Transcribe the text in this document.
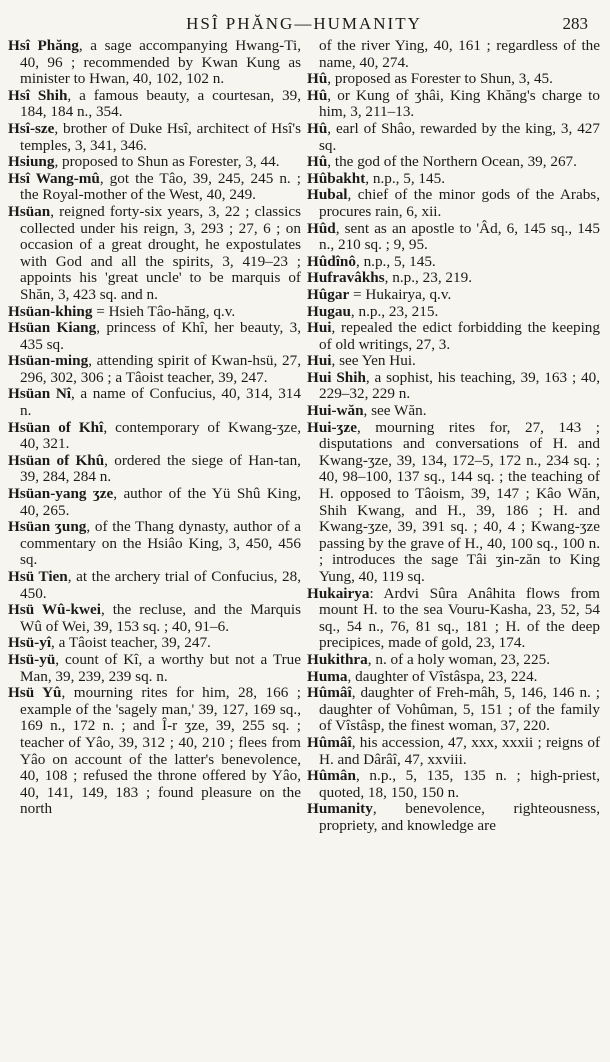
HSÎ PHĂNG—HUMANITY	283

Hsî Phăng, a sage accompanying Hwang-Ti, 40, 96 ; recommended by Kwan Kung as minister to Hwan, 40, 102, 102 n.

Hsî Shih, a famous beauty, a courtesan, 39, 184, 184 n., 354.

Hsî-sze, brother of Duke Hsî, architect of Hsî's temples, 3, 341, 346.

Hsiung, proposed to Shun as Forester, 3, 44.

Hsî Wang-mû, got the Tâo, 39, 245, 245 n. ; the Royal-mother of the West, 40, 249.

Hsüan, reigned forty-six years, 3, 22 ; classics collected under his reign, 3, 293 ; 27, 6 ; on occasion of a great drought, he expostulates with God and all the spirits, 3, 419–23 ; appoints his 'great uncle' to be marquis of Shăn, 3, 423 sq. and n.

Hsüan-khing = Hsieh Tâo-hăng, q.v.

Hsüan Kiang, princess of Khî, her beauty, 3, 435 sq.

Hsüan-ming, attending spirit of Kwan-hsü, 27, 296, 302, 306 ; a Tâoist teacher, 39, 247.

Hsüan Nî, a name of Confucius, 40, 314, 314 n.

Hsüan of Khî, contemporary of Kwang-ʒze, 40, 321.

Hsüan of Khû, ordered the siege of Han-tan, 39, 284, 284 n.

Hsüan-yang ʒze, author of the Yü Shû King, 40, 265.

Hsüan ʒung, of the Thang dynasty, author of a commentary on the Hsiâo King, 3, 450, 456 sq.

Hsü Tien, at the archery trial of Confucius, 28, 450.

Hsü Wû-kwei, the recluse, and the Marquis Wû of Wei, 39, 153 sq. ; 40, 91–6.

Hsü-yî, a Tâoist teacher, 39, 247.

Hsü-yü, count of Kî, a worthy but not a True Man, 39, 239, 239 sq. n.

Hsü Yû, mourning rites for him, 28, 166 ; example of the 'sagely man,' 39, 127, 169 sq., 169 n., 172 n. ; and Î-r ʒze, 39, 255 sq. ; teacher of Yâo, 39, 312 ; 40, 210 ; flees from Yâo on account of the latter's benevolence, 40, 108 ; refused the throne offered by Yâo, 40, 141, 149, 183 ; found pleasure on the north

of the river Ying, 40, 161 ; regardless of the name, 40, 274.

Hû, proposed as Forester to Shun, 3, 45.

Hû, or Kung of ʒhâi, King Khăng's charge to him, 3, 211–13.

Hû, earl of Shâo, rewarded by the king, 3, 427 sq.

Hû, the god of the Northern Ocean, 39, 267.

Hûbakht, n.p., 5, 145.

Hubal, chief of the minor gods of the Arabs, procures rain, 6, xii.

Hûd, sent as an apostle to 'Âd, 6, 145 sq., 145 n., 210 sq. ; 9, 95.

Hûdînô, n.p., 5, 145.

Hufravâkhs, n.p., 23, 219.

Hûgar = Hukairya, q.v.

Hugau, n.p., 23, 215.

Hui, repealed the edict forbidding the keeping of old writings, 27, 3.

Hui, see Yen Hui.

Hui Shih, a sophist, his teaching, 39, 163 ; 40, 229–32, 229 n.

Hui-wăn, see Wăn.

Hui-ʒze, mourning rites for, 27, 143 ; disputations and conversations of H. and Kwang-ʒze, 39, 134, 172–5, 172 n., 234 sq. ; 40, 98–100, 137 sq., 144 sq. ; the teaching of H. opposed to Tâoism, 39, 147 ; Kâo Wăn, Shih Kwang, and H., 39, 186 ; H. and Kwang-ʒze, 39, 391 sq. ; 40, 4 ; Kwang-ʒze passing by the grave of H., 40, 100 sq., 100 n. ; introduces the sage Tâi ʒin-zăn to King Yung, 40, 119 sq.

Hukairya: Ardvi Sûra Anâhita flows from mount H. to the sea Vouru-Kasha, 23, 52, 54 sq., 54 n., 76, 81 sq., 181 ; H. of the deep precipices, made of gold, 23, 174.

Hukithra, n. of a holy woman, 23, 225.

Huma, daughter of Vîstâspa, 23, 224.

Hûmâî, daughter of Freh-mâh, 5, 146, 146 n. ; daughter of Vohûman, 5, 151 ; of the family of Vîstâsp, the finest woman, 37, 220.

Hûmâî, his accession, 47, xxx, xxxii ; reigns of H. and Dârâî, 47, xxviii.

Hûmân, n.p., 5, 135, 135 n. ; high-priest, quoted, 18, 150, 150 n.

Humanity, benevolence, righteousness, propriety, and knowledge are
